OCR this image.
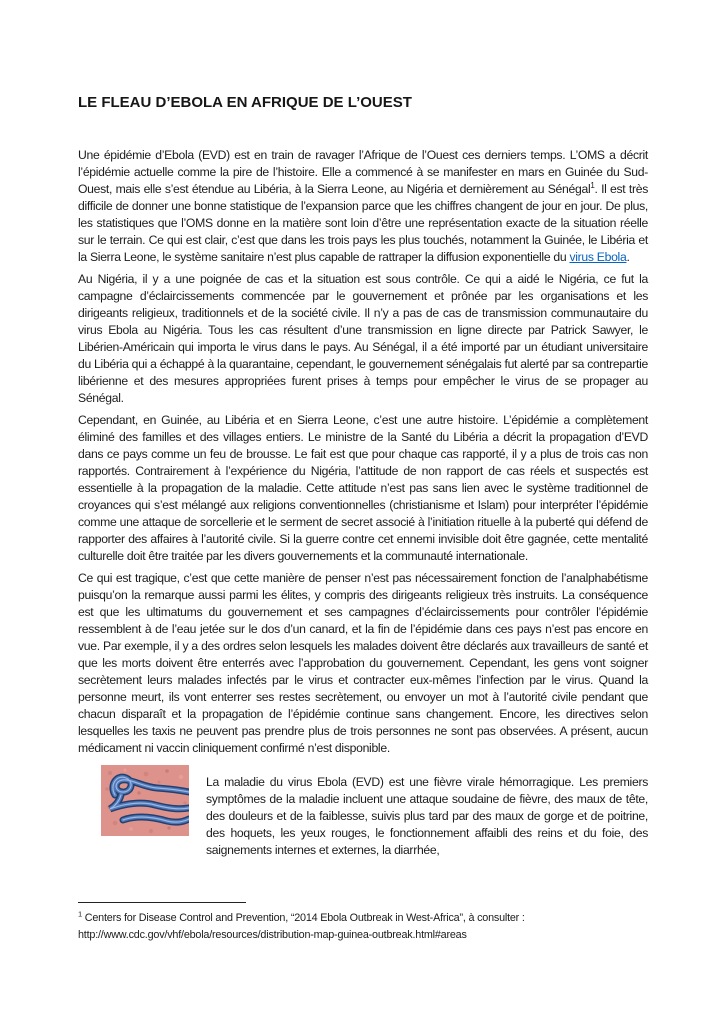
LE FLEAU D’EBOLA EN AFRIQUE DE L’OUEST

Une épidémie d’Ebola (EVD) est en train de ravager l’Afrique de l’Ouest ces derniers temps. L’OMS a décrit l’épidémie actuelle comme la pire de l’histoire. Elle a commencé à se manifester en mars en Guinée du Sud-Ouest, mais elle s’est étendue au Libéria, à la Sierra Leone, au Nigéria et dernièrement au Sénégal$^1$. Il est très difficile de donner une bonne statistique de l’expansion parce que les chiffres changent de jour en jour. De plus, les statistiques que l’OMS donne en la matière sont loin d’être une représentation exacte de la situation réelle sur le terrain. Ce qui est clair, c’est que dans les trois pays les plus touchés, notamment la Guinée, le Libéria et la Sierra Leone, le système sanitaire n’est plus capable de rattraper la diffusion exponentielle du virus Ebola.

Au Nigéria, il y a une poignée de cas et la situation est sous contrôle. Ce qui a aidé le Nigéria, ce fut la campagne d’éclaircissements commencée par le gouvernement et prônée par les organisations et les dirigeants religieux, traditionnels et de la société civile. Il n’y a pas de cas de transmission communautaire du virus Ebola au Nigéria. Tous les cas résultent d’une transmission en ligne directe par Patrick Sawyer, le Libérien-Américain qui importa le virus dans le pays. Au Sénégal, il a été importé par un étudiant universitaire du Libéria qui a échappé à la quarantaine, cependant, le gouvernement sénégalais fut alerté par sa contrepartie libérienne et des mesures appropriées furent prises à temps pour empêcher le virus de se propager au Sénégal.

Cependant, en Guinée, au Libéria et en Sierra Leone, c’est une autre histoire. L’épidémie a complètement éliminé des familles et des villages entiers. Le ministre de la Santé du Libéria a décrit la propagation d’EVD dans ce pays comme un feu de brousse. Le fait est que pour chaque cas rapporté, il y a plus de trois cas non rapportés. Contrairement à l’expérience du Nigéria, l’attitude de non rapport de cas réels et suspectés est essentielle à la propagation de la maladie. Cette attitude n’est pas sans lien avec le système traditionnel de croyances qui s’est mélangé aux religions conventionnelles (christianisme et Islam) pour interpréter l’épidémie comme une attaque de sorcellerie et le serment de secret associé à l’initiation rituelle à la puberté qui défend de rapporter des affaires à l’autorité civile. Si la guerre contre cet ennemi invisible doit être gagnée, cette mentalité culturelle doit être traitée par les divers gouvernements et la communauté internationale.

Ce qui est tragique, c’est que cette manière de penser n’est pas nécessairement fonction de l’analphabétisme puisqu’on la remarque aussi parmi les élites, y compris des dirigeants religieux très instruits. La conséquence est que les ultimatums du gouvernement et ses campagnes d’éclaircissements pour contrôler l’épidémie ressemblent à de l’eau jetée sur le dos d’un canard, et la fin de l’épidémie dans ces pays n’est pas encore en vue. Par exemple, il y a des ordres selon lesquels les malades doivent être déclarés aux travailleurs de santé et que les morts doivent être enterrés avec l’approbation du gouvernement. Cependant, les gens vont soigner secrètement leurs malades infectés par le virus et contracter eux-mêmes l’infection par le virus. Quand la personne meurt, ils vont enterrer ses restes secrètement, ou envoyer un mot à l’autorité civile pendant que chacun disparaît et la propagation de l’épidémie continue sans changement. Encore, les directives selon lesquelles les taxis ne peuvent pas prendre plus de trois personnes ne sont pas observées. A présent, aucun médicament ni vaccin cliniquement confirmé n’est disponible.

La maladie du virus Ebola (EVD) est une fièvre virale hémorragique. Les premiers symptômes de la maladie incluent une attaque soudaine de fièvre, des maux de tête, des douleurs et de la faiblesse, suivis plus tard par des maux de gorge et de poitrine, des hoquets, les yeux rouges, le fonctionnement affaibli des reins et du foie, des saignements internes et externes, la diarrhée,

$^1$ Centers for Disease Control and Prevention, “2014 Ebola Outbreak in West-Africa”, à consulter :

http://www.cdc.gov/vhf/ebola/resources/distribution-map-guinea-outbreak.html#areas
